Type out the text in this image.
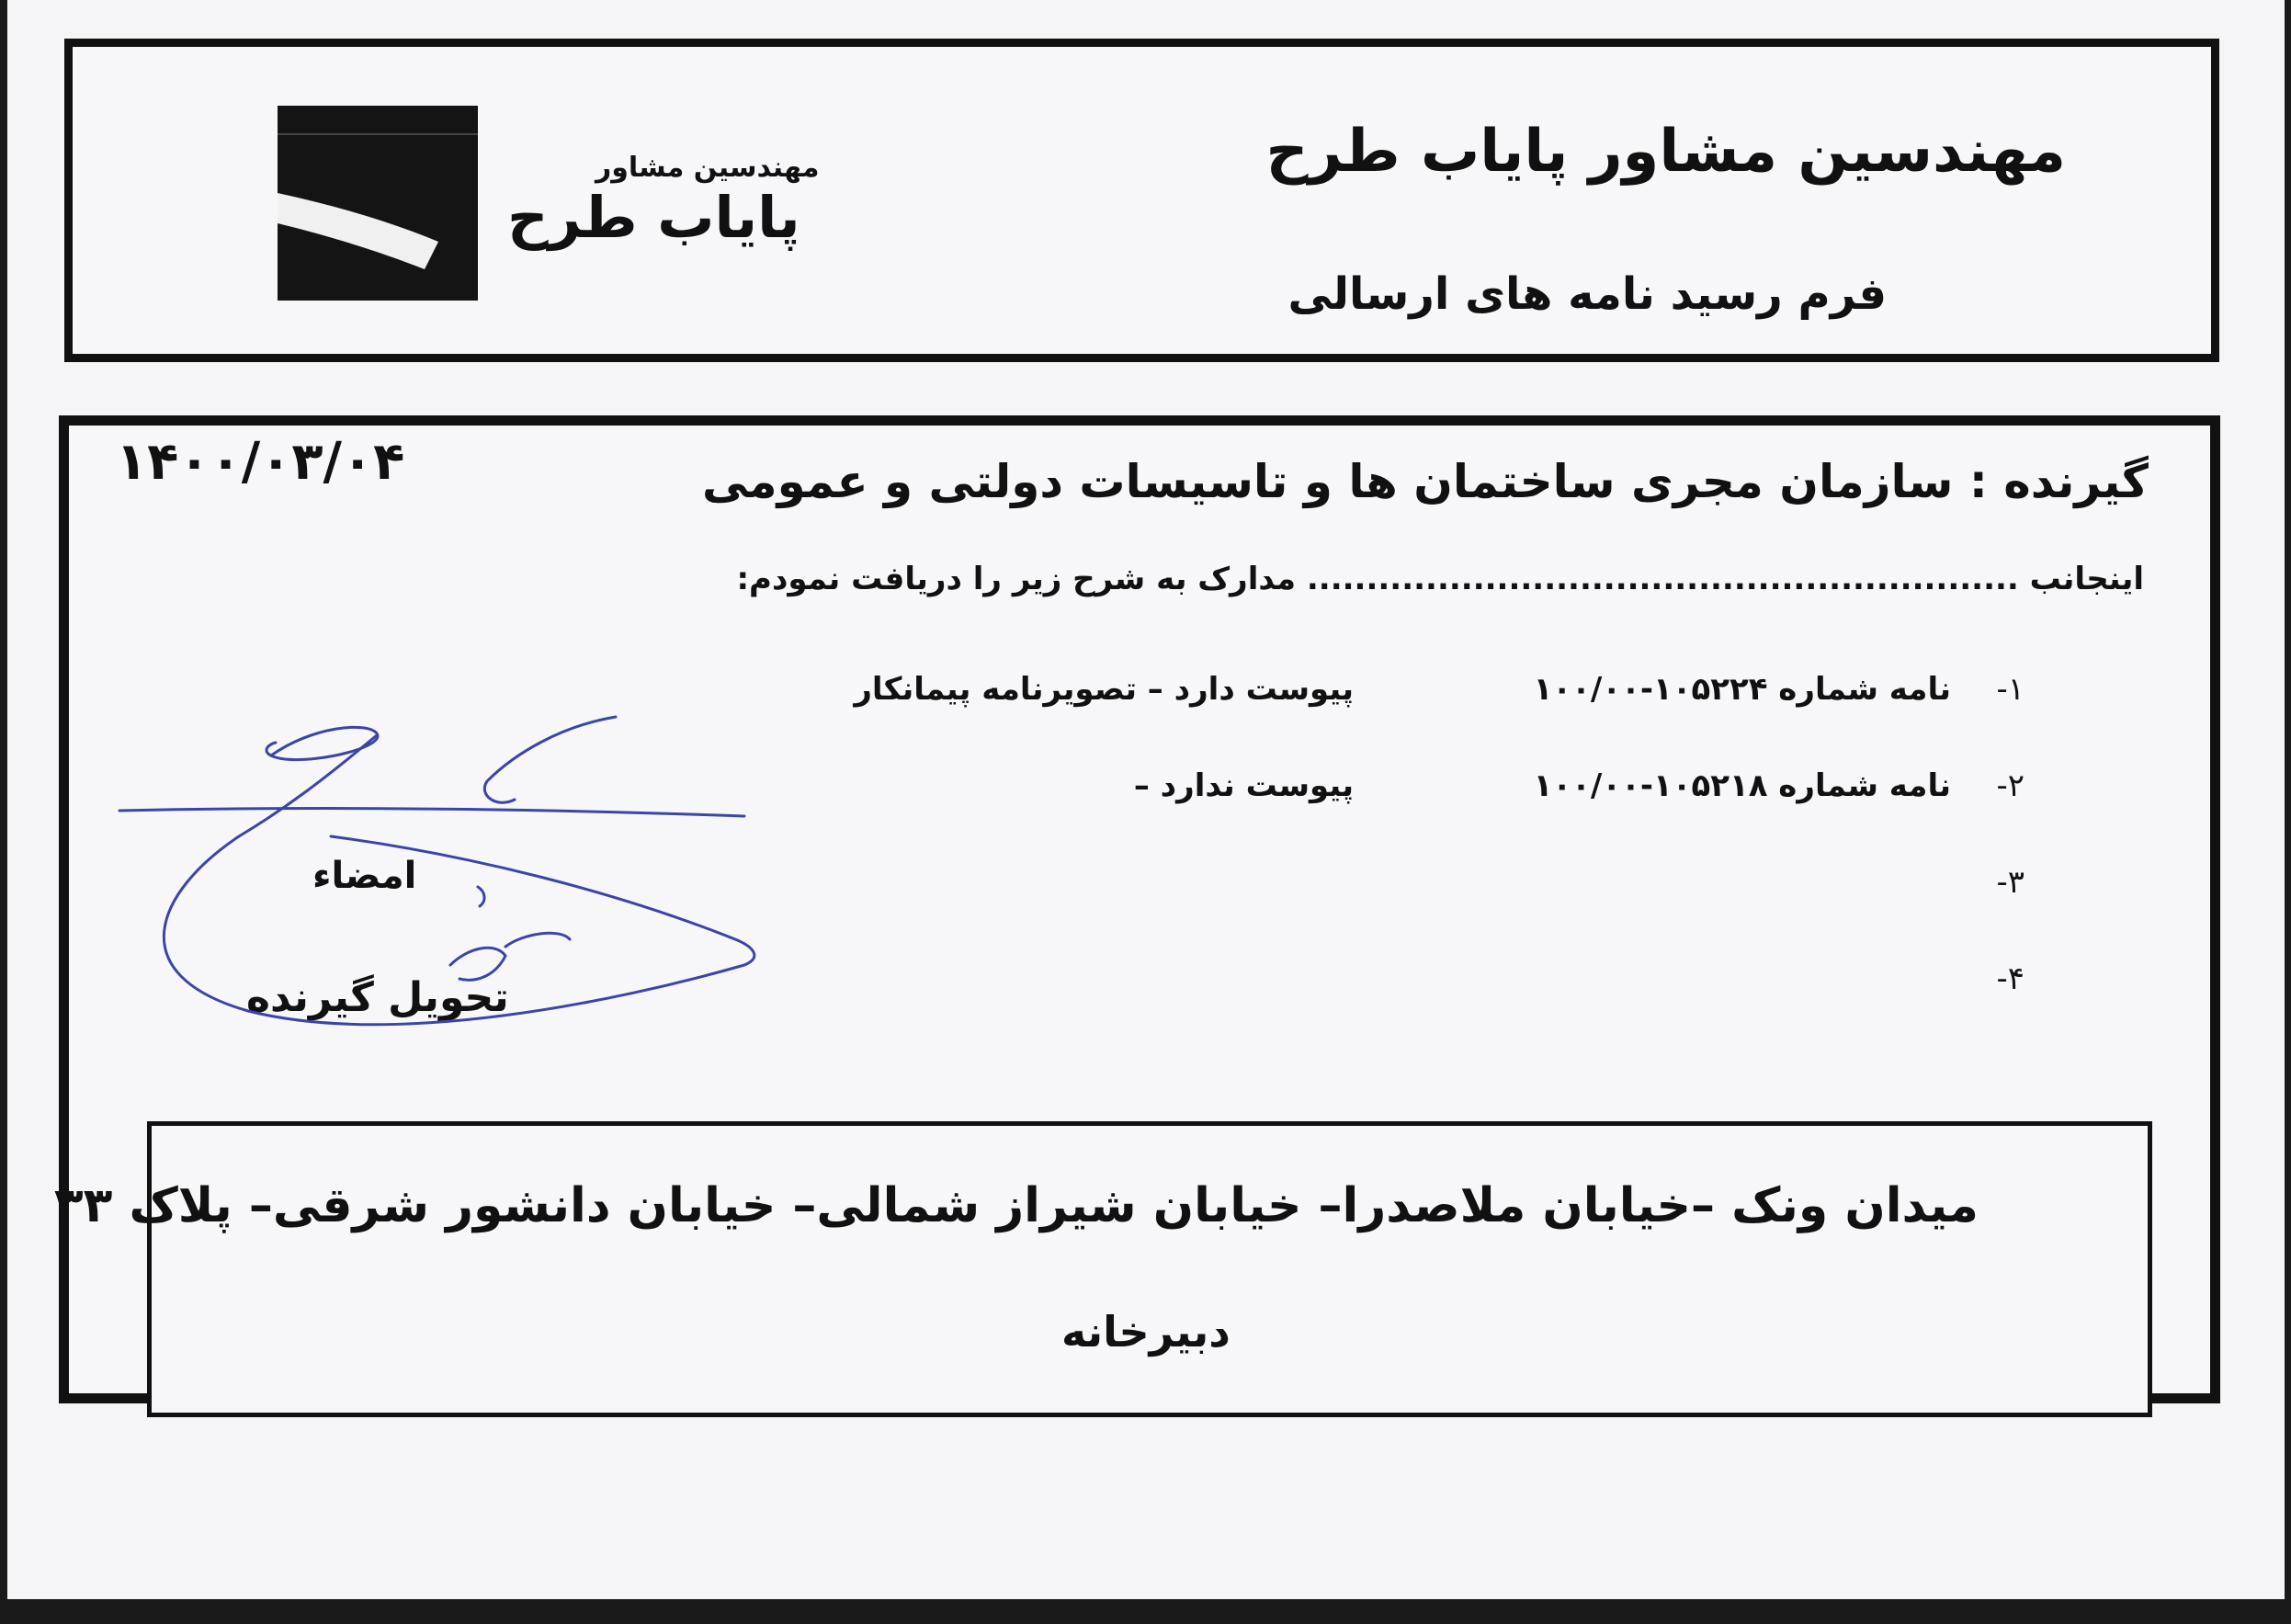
مهندسین مشاور پایاب طرح
فرم رسید نامه های ارسالی
مهندسین مشاور
پایاب طرح
۱۴۰۰/۰۳/۰۴	گیرنده : سازمان مجری ساختمان ها و تاسیسات دولتی و عمومی
اینجانب ............................................................ مدارک به شرح زیر را دریافت نمودم:
-۱
نامه شماره ۱۰۵۲۲۴-۱۰۰/۰۰
پیوست دارد – تصویرنامه پیمانکار
-۲
نامه شماره ۱۰۵۲۱۸-۱۰۰/۰۰
پیوست ندارد –
-۳
-۴
امضاء
تحویل گیرنده
میدان ونک –خیابان ملاصدرا– خیابان شیراز شمالی– خیابان دانشور شرقی– پلاک ۳۳
دبیرخانه
